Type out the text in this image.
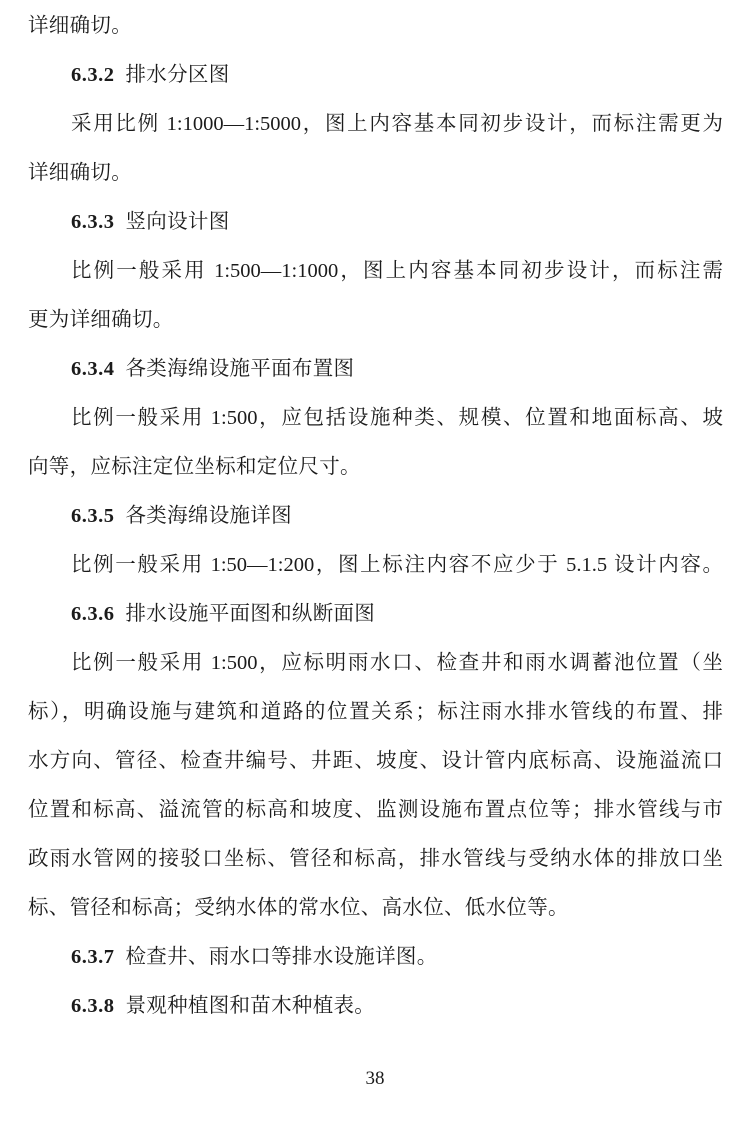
详细确切。
6.3.2 排水分区图
采用比例 1:1000—1:5000，图上内容基本同初步设计，而标注需更为
详细确切。
6.3.3 竖向设计图
比例一般采用 1:500—1:1000，图上内容基本同初步设计，而标注需
更为详细确切。
6.3.4 各类海绵设施平面布置图
比例一般采用 1:500，应包括设施种类、规模、位置和地面标高、坡
向等，应标注定位坐标和定位尺寸。
6.3.5 各类海绵设施详图
比例一般采用 1:50—1:200，图上标注内容不应少于 5.1.5 设计内容。
6.3.6 排水设施平面图和纵断面图
比例一般采用 1:500，应标明雨水口、检查井和雨水调蓄池位置（坐
标），明确设施与建筑和道路的位置关系；标注雨水排水管线的布置、排
水方向、管径、检查井编号、井距、坡度、设计管内底标高、设施溢流口
位置和标高、溢流管的标高和坡度、监测设施布置点位等；排水管线与市
政雨水管网的接驳口坐标、管径和标高，排水管线与受纳水体的排放口坐
标、管径和标高；受纳水体的常水位、高水位、低水位等。
6.3.7 检查井、雨水口等排水设施详图。
6.3.8 景观种植图和苗木种植表。
38
